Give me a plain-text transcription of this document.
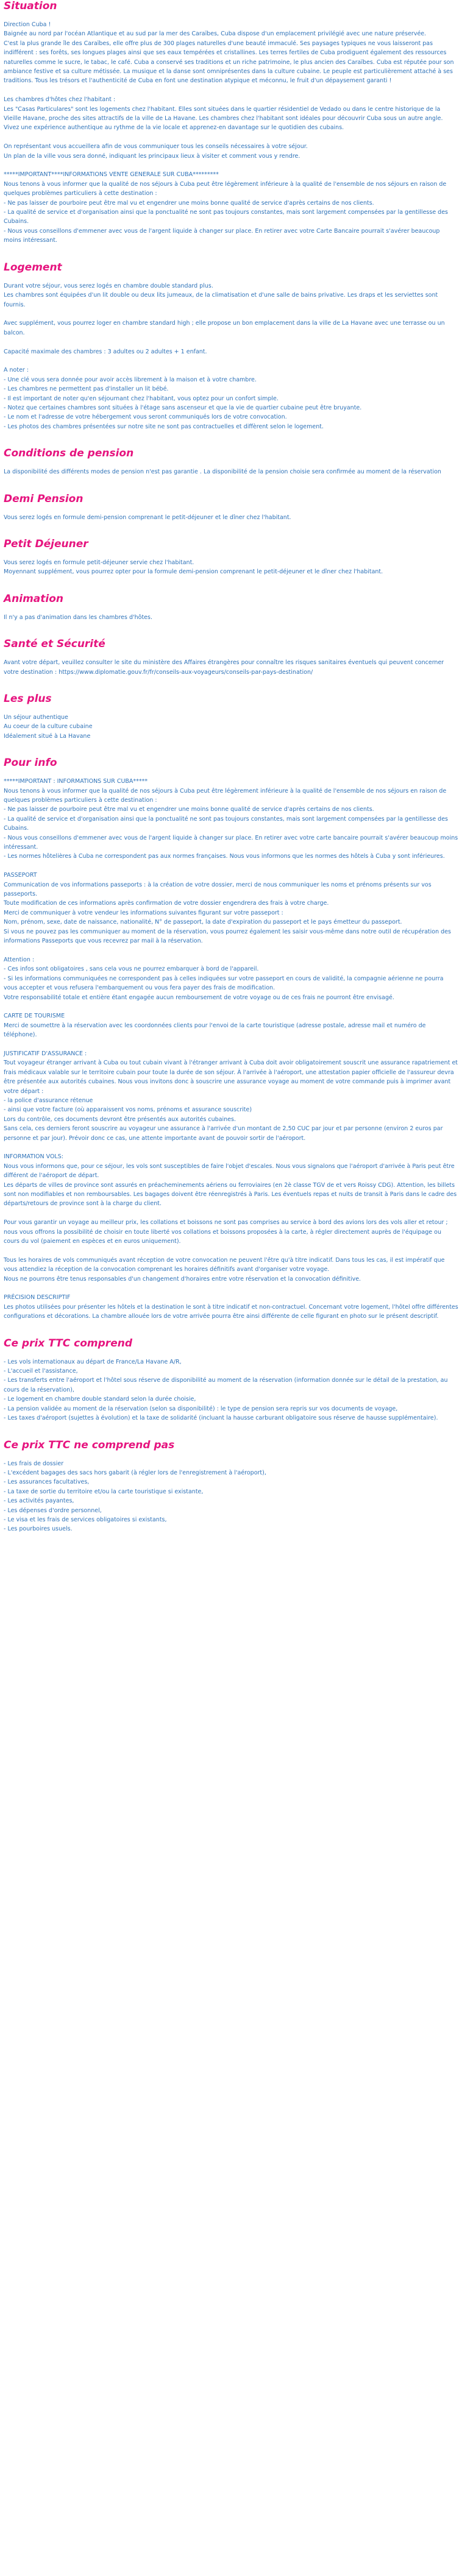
Situation

Direction Cuba !

Baignée au nord par l'océan Atlantique et au sud par la mer des Caraïbes, Cuba dispose d'un emplacement privilégié avec une nature préservée.

C'est la plus grande île des Caraïbes, elle offre plus de 300 plages naturelles d'une beauté immaculé. Ses paysages typiques ne vous laisseront pas indifférent : ses forêts, ses longues plages ainsi que ses eaux tempérées et cristallines. Les terres fertiles de Cuba prodiguent également des ressources naturelles comme le sucre, le tabac, le café. Cuba a conservé ses traditions et un riche patrimoine, le plus ancien des Caraïbes. Cuba est réputée pour son ambiance festive et sa culture métissée. La musique et la danse sont omniprésentes dans la culture cubaine. Le peuple est particulièrement attaché à ses traditions. Tous les trésors et l'authenticité de Cuba en font une destination atypique et méconnu, le fruit d'un dépaysement garanti !

Les chambres d'hôtes chez l'habitant :

Les "Casas Particulares" sont les logements chez l'habitant. Elles sont situées dans le quartier résidentiel de Vedado ou dans le centre historique de la Vieille Havane, proche des sites attractifs de la ville de La Havane. Les chambres chez l'habitant sont idéales pour découvrir Cuba sous un autre angle. Vivez une expérience authentique au rythme de la vie locale et apprenez-en davantage sur le quotidien des cubains.

On représentant vous accueillera afin de vous communiquer tous les conseils nécessaires à votre séjour.

Un plan de la ville vous sera donné, indiquant les principaux lieux à visiter et comment vous y rendre.

*****IMPORTANT****INFORMATIONS VENTE GENERALE SUR CUBA*********

Nous tenons à vous informer que la qualité de nos séjours à Cuba peut être légèrement inférieure à la qualité de l'ensemble de nos séjours en raison de quelques problèmes particuliers à cette destination :

- Ne pas laisser de pourboire peut être mal vu et engendrer une moins bonne qualité de service d'après certains de nos clients.

- La qualité de service et d'organisation ainsi que la ponctualité ne sont pas toujours constantes, mais sont largement compensées par la gentillesse des Cubains.

- Nous vous conseillons d'emmener avec vous de l'argent liquide à changer sur place. En retirer avec votre Carte Bancaire pourrait s'avérer beaucoup moins intéressant.

Logement

Durant votre séjour, vous serez logés en chambre double standard plus.

Les chambres sont équipées d'un lit double ou deux lits jumeaux, de la climatisation et d'une salle de bains privative. Les draps et les serviettes sont fournis.

Avec supplément, vous pourrez loger en chambre standard high ; elle propose un bon emplacement dans la ville de La Havane avec une terrasse ou un balcon.

Capacité maximale des chambres : 3 adultes ou 2 adultes + 1 enfant.

A noter :

- Une clé vous sera donnée pour avoir accès librement à la maison et à votre chambre.

- Les chambres ne permettent pas d'installer un lit bébé.

- Il est important de noter qu'en séjournant chez l'habitant, vous optez pour un confort simple.

- Notez que certaines chambres sont situées à l'étage sans ascenseur et que la vie de quartier cubaine peut être bruyante.

- Le nom et l'adresse de votre hébergement vous seront communiqués lors de votre convocation.

- Les photos des chambres présentées sur notre site ne sont pas contractuelles et diffèrent selon le logement.

Conditions de pension

La disponibilité des différents modes de pension n'est pas garantie . La disponibilité de la pension choisie sera confirmée au moment de la réservation

Demi Pension

Vous serez logés en formule demi-pension comprenant le petit-déjeuner et le dîner chez l'habitant.

Petit Déjeuner

Vous serez logés en formule petit-déjeuner servie chez l'habitant.

Moyennant supplément, vous pourrez opter pour la formule demi-pension comprenant le petit-déjeuner et le dîner chez l'habitant.

Animation

Il n'y a pas d'animation dans les chambres d'hôtes.

Santé et Sécurité

Avant votre départ, veuillez consulter le site du ministère des Affaires étrangères pour connaître les risques sanitaires éventuels qui peuvent concerner votre destination : https://www.diplomatie.gouv.fr/fr/conseils-aux-voyageurs/conseils-par-pays-destination/

Les plus

Un séjour authentique

Au coeur de la culture cubaine

Idéalement situé à La Havane

Pour info

*****IMPORTANT : INFORMATIONS SUR CUBA*****

Nous tenons à vous informer que la qualité de nos séjours à Cuba peut être légèrement inférieure à la qualité de l'ensemble de nos séjours en raison de quelques problèmes particuliers à cette destination :

- Ne pas laisser de pourboire peut être mal vu et engendrer une moins bonne qualité de service d'après certains de nos clients.

- La qualité de service et d'organisation ainsi que la ponctualité ne sont pas toujours constantes, mais sont largement compensées par la gentillesse des Cubains.

- Nous vous conseillons d'emmener avec vous de l'argent liquide à changer sur place. En retirer avec votre carte bancaire pourrait s'avérer beaucoup moins intéressant.

- Les normes hôtelières à Cuba ne correspondent pas aux normes françaises. Nous vous informons que les normes des hôtels à Cuba y sont inférieures.

PASSEPORT

Communication de vos informations passeports : à la création de votre dossier, merci de nous communiquer les noms et prénoms présents sur vos passeports.

Toute modification de ces informations après confirmation de votre dossier engendrera des frais à votre charge.

Merci de communiquer à votre vendeur les informations suivantes figurant sur votre passeport :

Nom, prénom, sexe, date de naissance, nationalité, N° de passeport, la date d'expiration du passeport et le pays émetteur du passeport.

Si vous ne pouvez pas les communiquer au moment de la réservation, vous pourrez également les saisir vous-même dans notre outil de récupération des informations Passeports que vous recevrez par mail à la réservation.

Attention :

- Ces infos sont obligatoires , sans cela vous ne pourrez embarquer à bord de l'appareil.

- Si les informations communiquées ne correspondent pas à celles indiquées sur votre passeport en cours de validité, la compagnie aérienne ne pourra vous accepter et vous refusera l'embarquement ou vous fera payer des frais de modification.

Votre responsabilité totale et entière étant engagée aucun remboursement de votre voyage ou de ces frais ne pourront être envisagé.

CARTE DE TOURISME

Merci de soumettre à la réservation avec les coordonnées clients pour l'envoi de la carte touristique (adresse postale, adresse mail et numéro de téléphone).

JUSTIFICATIF D'ASSURANCE :

Tout voyageur étranger arrivant à Cuba ou tout cubain vivant à l'étranger arrivant à Cuba doit avoir obligatoirement souscrit une assurance rapatriement et frais médicaux valable sur le territoire cubain pour toute la durée de son séjour. À l'arrivée à l'aéroport, une attestation papier officielle de l'assureur devra être présentée aux autorités cubaines. Nous vous invitons donc à souscrire une assurance voyage au moment de votre commande puis à imprimer avant votre départ :

- la police d'assurance rétenue

- ainsi que votre facture (où apparaissent vos noms, prénoms et assurance souscrite)

Lors du contrôle, ces documents devront être présentés aux autorités cubaines.

Sans cela, ces derniers feront souscrire au voyageur une assurance à l'arrivée d'un montant de 2,50 CUC par jour et par personne (environ 2 euros par personne et par jour). Prévoir donc ce cas, une attente importante avant de pouvoir sortir de l'aéroport.

INFORMATION VOLS:

Nous vous informons que, pour ce séjour, les vols sont susceptibles de faire l'objet d'escales. Nous vous signalons que l'aéroport d'arrivée à Paris peut être différent de l'aéroport de départ.

Les départs de villes de province sont assurés en préacheminements aériens ou ferroviaires (en 2è classe TGV de et vers Roissy CDG). Attention, les billets sont non modifiables et non remboursables. Les bagages doivent être réenregistrés à Paris. Les éventuels repas et nuits de transit à Paris dans le cadre des départs/retours de province sont à la charge du client.

Pour vous garantir un voyage au meilleur prix, les collations et boissons ne sont pas comprises au service à bord des avions lors des vols aller et retour ; nous vous offrons la possibilité de choisir en toute liberté vos collations et boissons proposées à la carte, à régler directement auprès de l'équipage ou cours du vol (paiement en espèces et en euros uniquement).

Tous les horaires de vols communiqués avant réception de votre convocation ne peuvent l'être qu'à titre indicatif. Dans tous les cas, il est impératif que vous attendiez la réception de la convocation comprenant les horaires définitifs avant d'organiser votre voyage.

Nous ne pourrons être tenus responsables d'un changement d'horaires entre votre réservation et la convocation définitive.

PRÉCISION DESCRIPTIF

Les photos utilisées pour présenter les hôtels et la destination le sont à titre indicatif et non-contractuel. Concernant votre logement, l'hôtel offre différentes configurations et décorations. La chambre allouée lors de votre arrivée pourra être ainsi différente de celle figurant en photo sur le présent descriptif.

Ce prix TTC comprend

- Les vols internationaux au départ de France/La Havane A/R,

- L'accueil et l'assistance,

- Les transferts entre l'aéroport et l'hôtel sous réserve de disponibilité au moment de la réservation (information donnée sur le détail de la prestation, au cours de la réservation),

- Le logement en chambre double standard selon la durée choisie,

- La pension validée au moment de la réservation (selon sa disponibilité) : le type de pension sera repris sur vos documents de voyage,

- Les taxes d'aéroport (sujettes à évolution) et la taxe de solidarité (incluant la hausse carburant obligatoire sous réserve de hausse supplémentaire).

Ce prix TTC ne comprend pas

- Les frais de dossier

- L'excédent bagages des sacs hors gabarit (à régler lors de l'enregistrement à l'aéroport),

- Les assurances facultatives,

- La taxe de sortie du territoire et/ou la carte touristique si existante,

- Les activités payantes,

- Les dépenses d'ordre personnel,

- Le visa et les frais de services obligatoires si existants,

- Les pourboires usuels.
